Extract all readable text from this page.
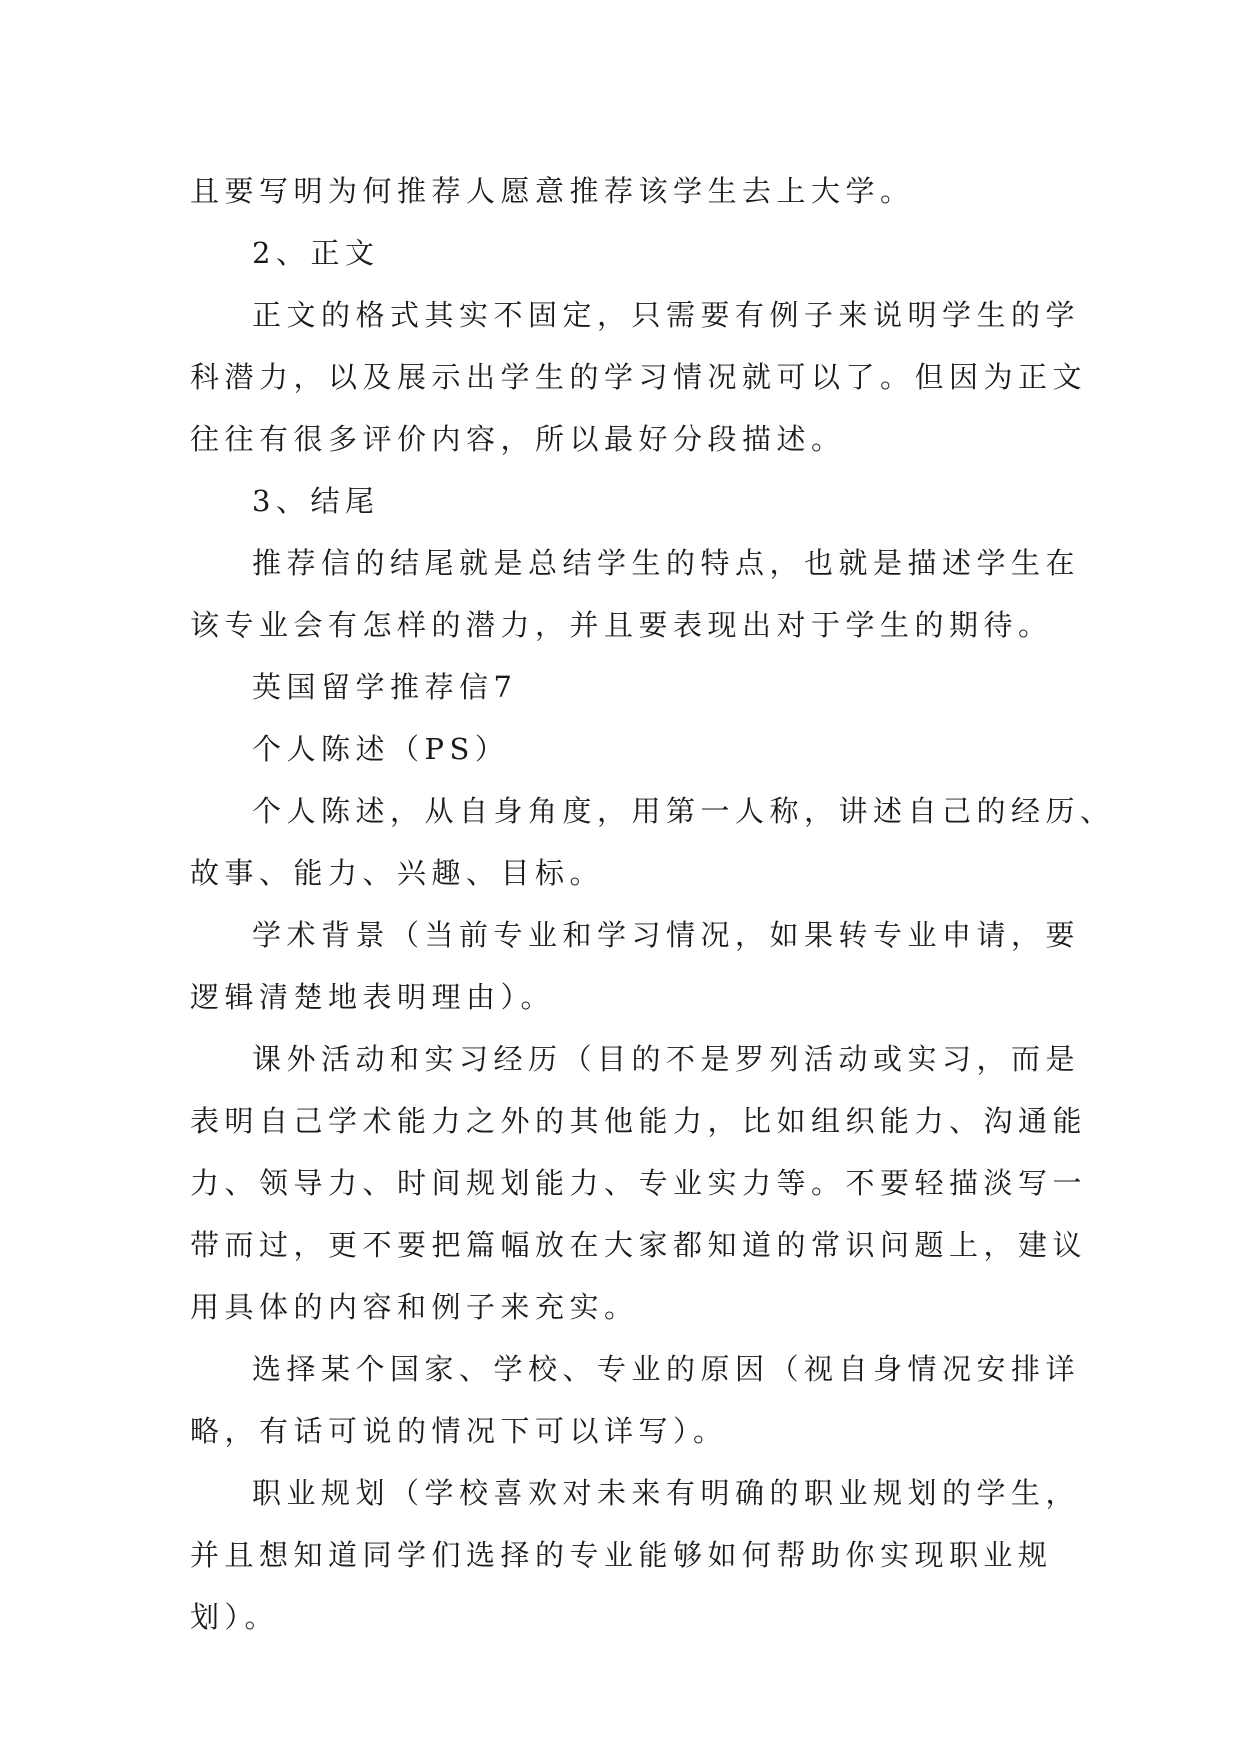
且要写明为何推荐人愿意推荐该学生去上大学。
2、正文
正文的格式其实不固定，只需要有例子来说明学生的学
科潜力，以及展示出学生的学习情况就可以了。但因为正文
往往有很多评价内容，所以最好分段描述。
3、结尾
推荐信的结尾就是总结学生的特点，也就是描述学生在
该专业会有怎样的潜力，并且要表现出对于学生的期待。
英国留学推荐信7
个人陈述（PS）
个人陈述，从自身角度，用第一人称，讲述自己的经历、
故事、能力、兴趣、目标。
学术背景（当前专业和学习情况，如果转专业申请，要
逻辑清楚地表明理由）。
课外活动和实习经历（目的不是罗列活动或实习，而是
表明自己学术能力之外的其他能力，比如组织能力、沟通能
力、领导力、时间规划能力、专业实力等。不要轻描淡写一
带而过，更不要把篇幅放在大家都知道的常识问题上，建议
用具体的内容和例子来充实。
选择某个国家、学校、专业的原因（视自身情况安排详
略，有话可说的情况下可以详写）。
职业规划（学校喜欢对未来有明确的职业规划的学生，
并且想知道同学们选择的专业能够如何帮助你实现职业规
划）。
